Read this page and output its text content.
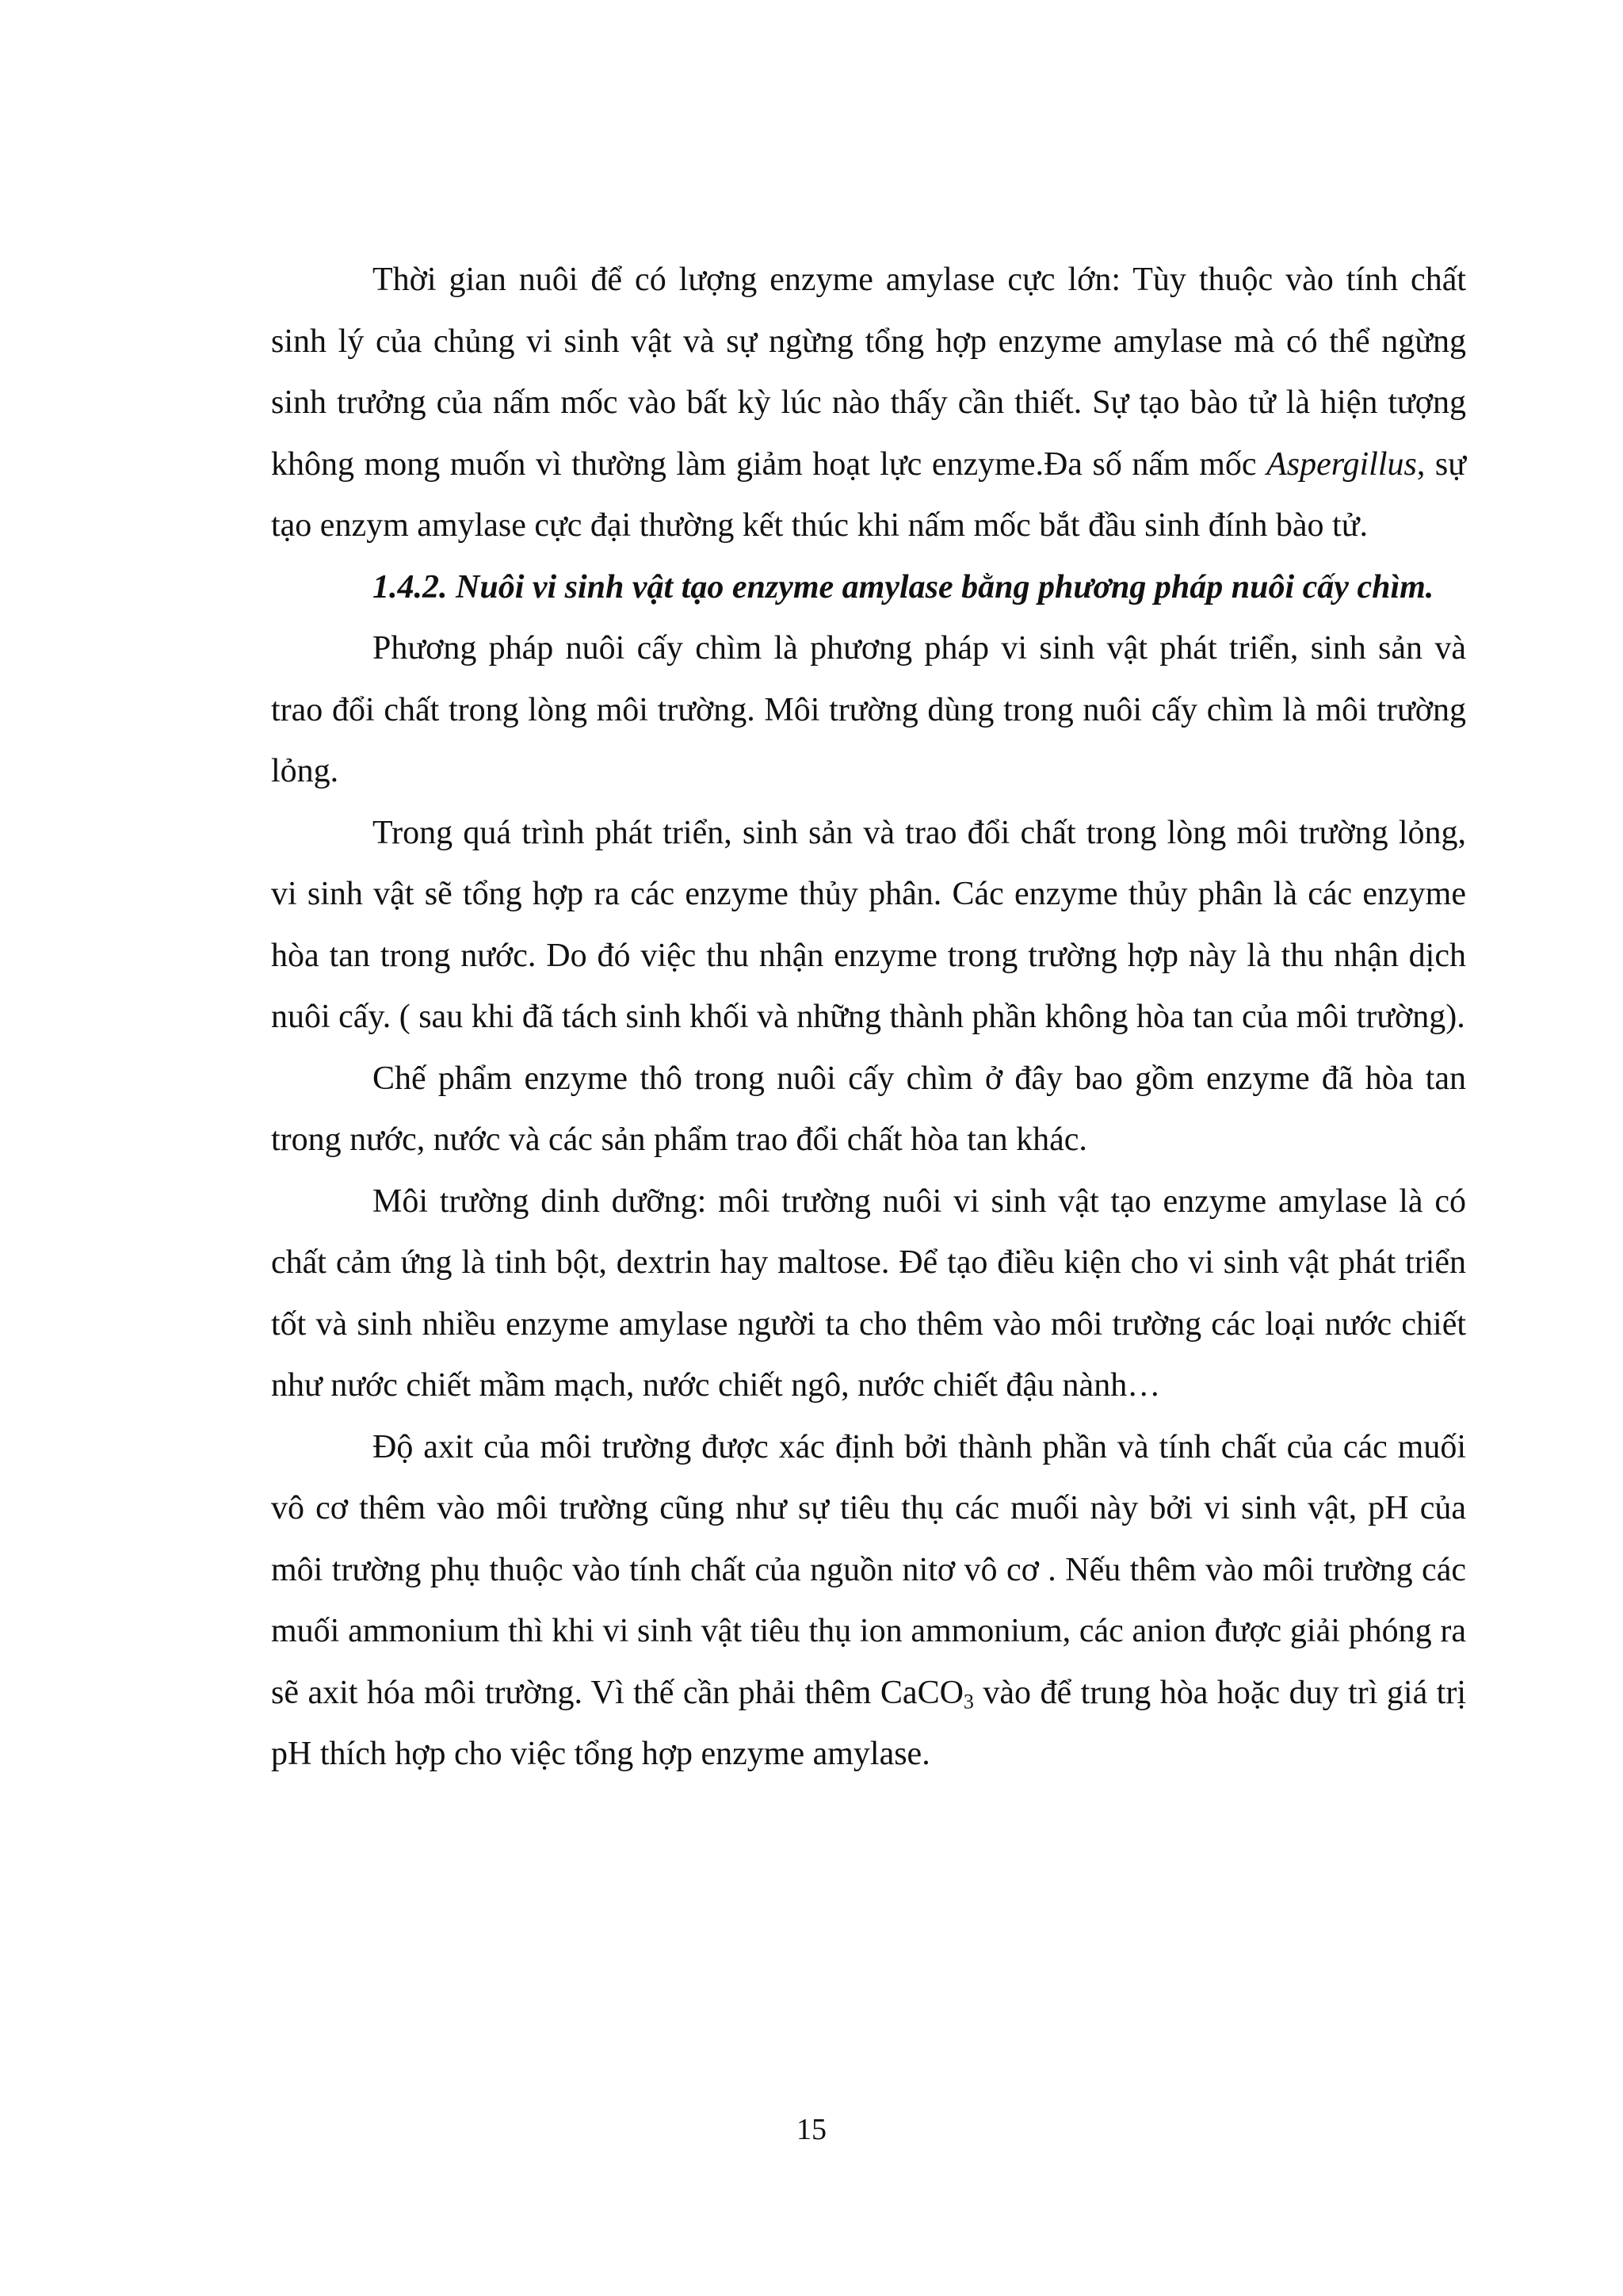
Thời gian nuôi để có lượng enzyme amylase cực lớn: Tùy thuộc vào tính chất sinh lý của chủng vi sinh vật và sự ngừng tổng hợp enzyme amylase mà có thể ngừng sinh trưởng của nấm mốc vào bất kỳ lúc nào thấy cần thiết. Sự tạo bào tử là hiện tượng không mong muốn vì thường làm giảm hoạt lực enzyme.Đa số nấm mốc Aspergillus, sự tạo enzym amylase cực đại thường kết thúc khi nấm mốc bắt đầu sinh đính bào tử.

1.4.2. Nuôi vi sinh vật tạo enzyme amylase bằng phương pháp nuôi cấy chìm.

Phương pháp nuôi cấy chìm là phương pháp vi sinh vật phát triển, sinh sản và trao đổi chất trong lòng môi trường. Môi trường dùng trong nuôi cấy chìm là môi trường lỏng.

Trong quá trình phát triển, sinh sản và trao đổi chất trong lòng môi trường lỏng, vi sinh vật sẽ tổng hợp ra các enzyme thủy phân. Các enzyme thủy phân là các enzyme hòa tan trong nước. Do đó việc thu nhận enzyme trong trường hợp này là thu nhận dịch nuôi cấy. ( sau khi đã tách sinh khối và những thành phần không hòa tan của môi trường).

Chế phẩm enzyme thô trong nuôi cấy chìm ở đây bao gồm enzyme đã hòa tan trong nước, nước và các sản phẩm trao đổi chất hòa tan khác.

Môi trường dinh dưỡng: môi trường nuôi vi sinh vật tạo enzyme amylase là có chất cảm ứng là tinh bột, dextrin hay maltose. Để tạo điều kiện cho vi sinh vật phát triển tốt và sinh nhiều enzyme amylase người ta cho thêm vào môi trường các loại nước chiết như nước chiết mầm mạch, nước chiết ngô, nước chiết đậu nành…

Độ axit của môi trường được xác định bởi thành phần và tính chất của các muối vô cơ thêm vào môi trường cũng như sự tiêu thụ các muối này bởi vi sinh vật, pH của môi trường phụ thuộc vào tính chất của nguồn nitơ vô cơ . Nếu thêm vào môi trường các muối ammonium thì khi vi sinh vật tiêu thụ ion ammonium, các anion được giải phóng ra sẽ axit hóa môi trường. Vì thế cần phải thêm CaCO$_3$ vào để trung hòa hoặc duy trì giá trị pH thích hợp cho việc tổng hợp enzyme amylase.

15
